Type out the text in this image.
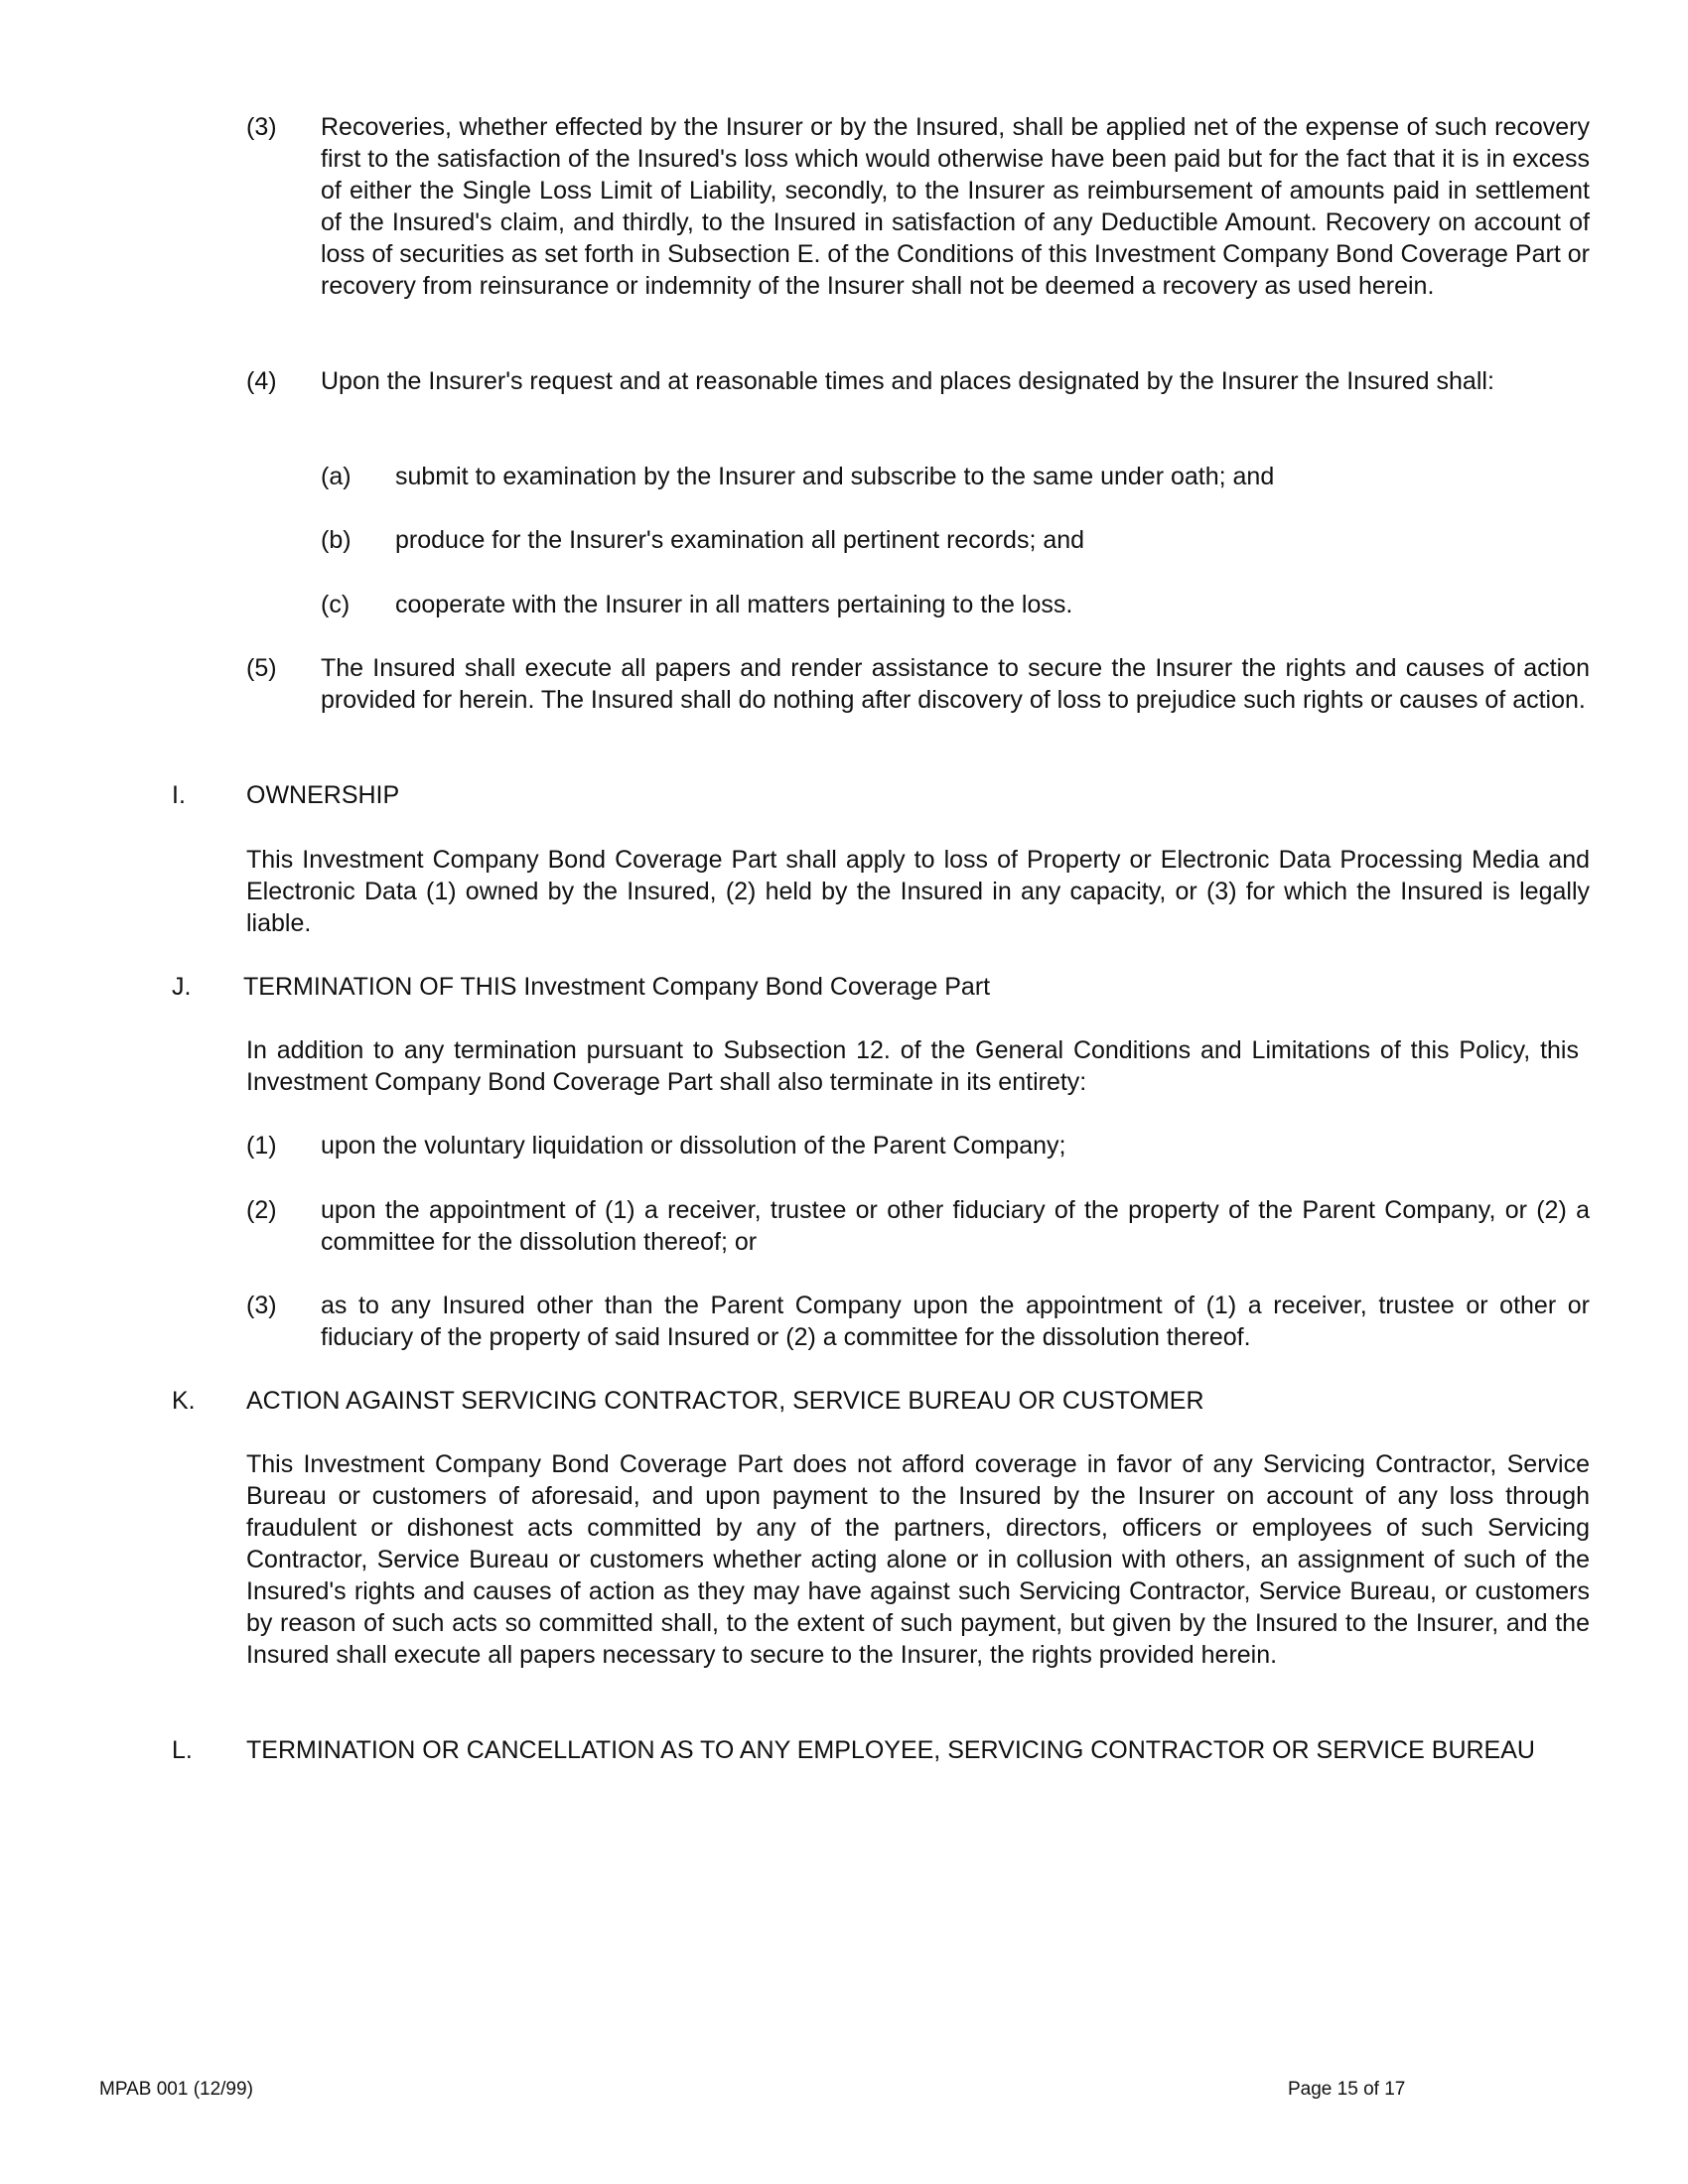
(3) Recoveries, whether effected by the Insurer or by the Insured, shall be applied net of the expense of such recovery first to the satisfaction of the Insured's loss which would otherwise have been paid but for the fact that it is in excess of either the Single Loss Limit of Liability, secondly, to the Insurer as reimbursement of amounts paid in settlement of the Insured's claim, and thirdly, to the Insured in satisfaction of any Deductible Amount. Recovery on account of loss of securities as set forth in Subsection E. of the Conditions of this Investment Company Bond Coverage Part or recovery from reinsurance or indemnity of the Insurer shall not be deemed a recovery as used herein.
(4) Upon the Insurer's request and at reasonable times and places designated by the Insurer the Insured shall:
(a) submit to examination by the Insurer and subscribe to the same under oath; and
(b) produce for the Insurer's examination all pertinent records; and
(c) cooperate with the Insurer in all matters pertaining to the loss.
(5) The Insured shall execute all papers and render assistance to secure the Insurer the rights and causes of action provided for herein. The Insured shall do nothing after discovery of loss to prejudice such rights or causes of action.
I. OWNERSHIP
This Investment Company Bond Coverage Part shall apply to loss of Property or Electronic Data Processing Media and Electronic Data (1) owned by the Insured, (2) held by the Insured in any capacity, or (3) for which the Insured is legally liable.
J. TERMINATION OF THIS Investment Company Bond Coverage Part
In addition to any termination pursuant to Subsection 12. of the General Conditions and Limitations of this Policy, this Investment Company Bond Coverage Part shall also terminate in its entirety:
(1) upon the voluntary liquidation or dissolution of the Parent Company;
(2) upon the appointment of (1) a receiver, trustee or other fiduciary of the property of the Parent Company, or (2) a committee for the dissolution thereof; or
(3) as to any Insured other than the Parent Company upon the appointment of (1) a receiver, trustee or other or fiduciary of the property of said Insured or (2) a committee for the dissolution thereof.
K. ACTION AGAINST SERVICING CONTRACTOR, SERVICE BUREAU OR CUSTOMER
This Investment Company Bond Coverage Part does not afford coverage in favor of any Servicing Contractor, Service Bureau or customers of aforesaid, and upon payment to the Insured by the Insurer on account of any loss through fraudulent or dishonest acts committed by any of the partners, directors, officers or employees of such Servicing Contractor, Service Bureau or customers whether acting alone or in collusion with others, an assignment of such of the Insured's rights and causes of action as they may have against such Servicing Contractor, Service Bureau, or customers by reason of such acts so committed shall, to the extent of such payment, but given by the Insured to the Insurer, and the Insured shall execute all papers necessary to secure to the Insurer, the rights provided herein.
L. TERMINATION OR CANCELLATION AS TO ANY EMPLOYEE, SERVICING CONTRACTOR OR SERVICE BUREAU
MPAB 001 (12/99)	Page 15 of 17
